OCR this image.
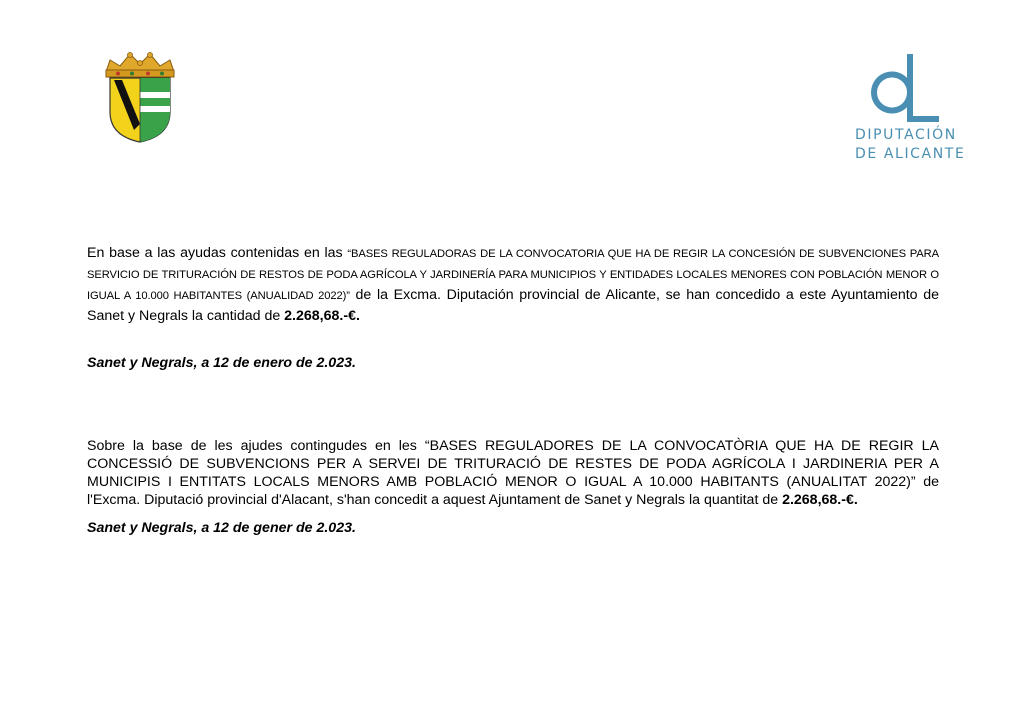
DIPUTACIÓN
DE ALICANTE
En base a las ayudas contenidas en las “BASES REGULADORAS DE LA CONVOCATORIA QUE HA DE REGIR LA CONCESIÓN DE SUBVENCIONES PARA SERVICIO DE TRITURACIÓN DE RESTOS DE PODA AGRÍCOLA Y JARDINERÍA PARA MUNICIPIOS Y ENTIDADES LOCALES MENORES CON POBLACIÓN MENOR O IGUAL A 10.000 HABITANTES (ANUALIDAD 2022)” de la Excma. Diputación provincial de Alicante, se han concedido a este Ayuntamiento de Sanet y Negrals la cantidad de 2.268,68.-€.
Sanet y Negrals, a 12 de enero de 2.023.
Sobre la base de les ajudes contingudes en les “BASES REGULADORES DE LA CONVOCATÒRIA QUE HA DE REGIR LA CONCESSIÓ DE SUBVENCIONS PER A SERVEI DE TRITURACIÓ DE RESTES DE PODA AGRÍCOLA I JARDINERIA PER A MUNICIPIS I ENTITATS LOCALS MENORS AMB POBLACIÓ MENOR O IGUAL A 10.000 HABITANTS (ANUALITAT 2022)” de l'Excma. Diputació provincial d'Alacant, s'han concedit a aquest Ajuntament de Sanet y Negrals la quantitat de 2.268,68.-€.
Sanet y Negrals, a 12 de gener de 2.023.
